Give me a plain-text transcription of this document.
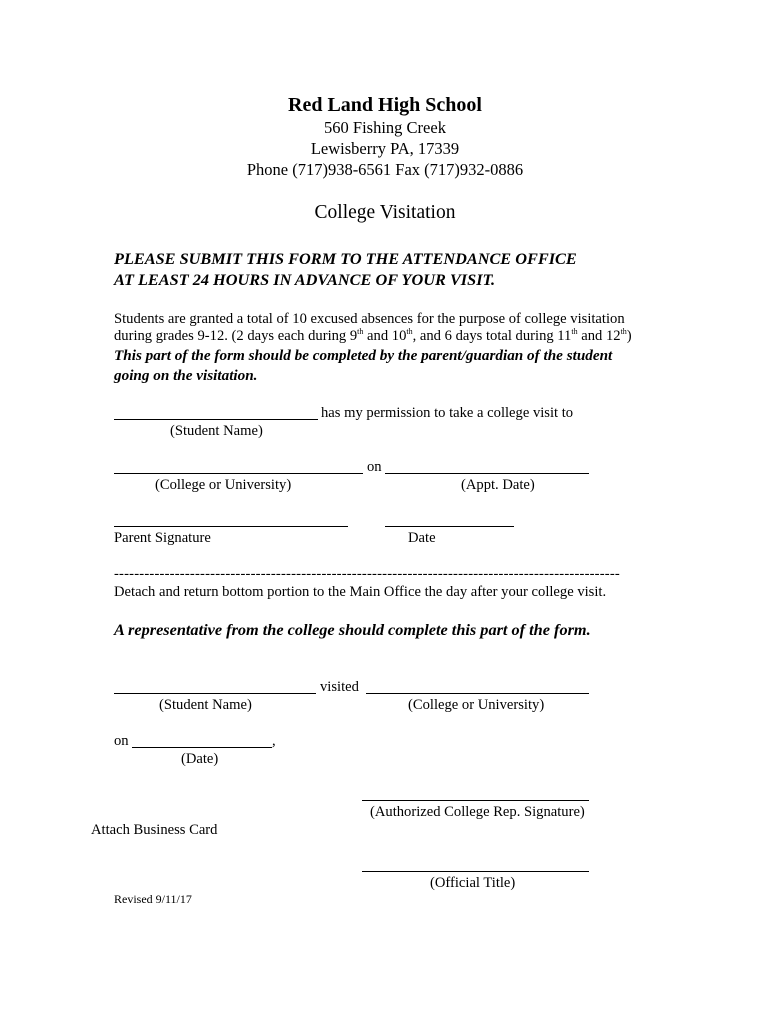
Red Land High School
560 Fishing Creek
Lewisberry PA, 17339
Phone (717)938-6561 Fax (717)932-0886
College Visitation
PLEASE SUBMIT THIS FORM TO THE ATTENDANCE OFFICE
AT LEAST 24 HOURS IN ADVANCE OF YOUR VISIT.
Students are granted a total of 10 excused absences for the purpose of college visitation
during grades 9-12. (2 days each during 9th and 10th, and 6 days total during 11th and 12th)
This part of the form should be completed by the parent/guardian of the student
going on the visitation.
has my permission to take a college visit to
(Student Name)
on
(College or University)	(Appt. Date)
Parent Signature	Date
----------------------------------------------------------------------------------------------------
Detach and return bottom portion to the Main Office the day after your college visit.
A representative from the college should complete this part of the form.
visited
(Student Name)	(College or University)
on	,
(Date)
(Authorized College Rep. Signature)
Attach Business Card
(Official Title)
Revised 9/11/17
